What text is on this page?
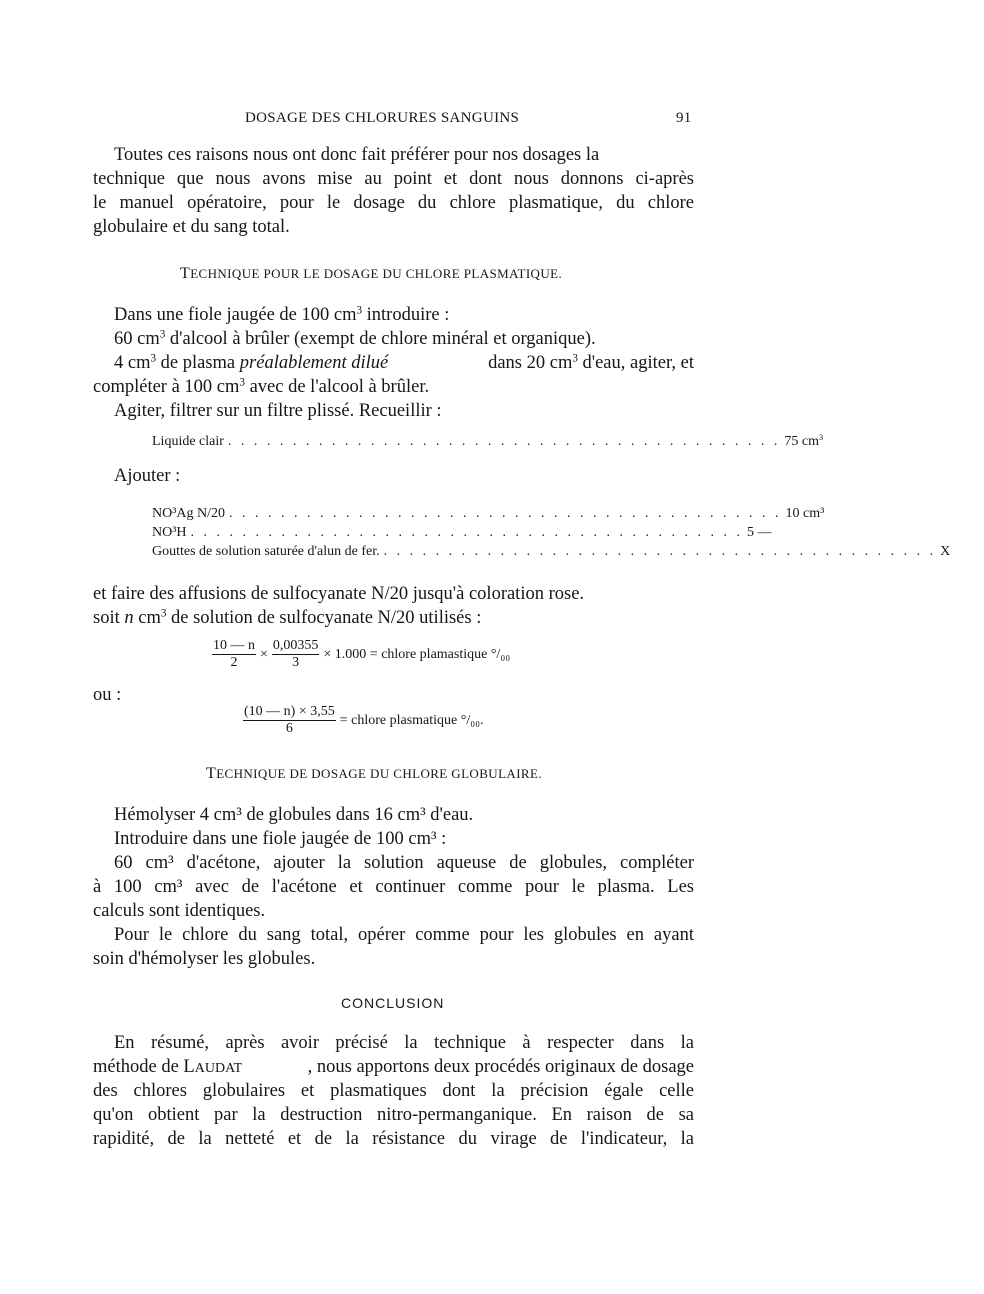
DOSAGE DES CHLORURES SANGUINS	91
Toutes ces raisons nous ont donc fait préférer pour nos dosages la
technique que nous avons mise au point et dont nous donnons ci-après
le manuel opératoire, pour le dosage du chlore plasmatique, du chlore
globulaire et du sang total.
TECHNIQUE POUR LE DOSAGE DU CHLORE PLASMATIQUE.
Dans une fiole jaugée de 100 $cm^3$ introduire :
60 $cm^3$ d'alcool à brûler (exempt de chlore minéral et organique).
4 $cm^3$ de plasma préalablement dilué	dans 20 $cm^3$ d'eau, agiter, et
compléter à 100 $cm^3$ avec de l'alcool à brûler.
Agiter, filtrer sur un filtre plissé. Recueillir :
Liquide clair . . . . . . . . . . . . . . . . . . . . . . . . . . . . . . . . . . . . . . . . . . . 75 $cm^3$
Ajouter :
NO³Ag N/20 . . . . . . . . . . . . . . . . . . . . . . . . . . . . . . . . . . . . . . . . . . . 10 cm³
NO³H . . . . . . . . . . . . . . . . . . . . . . . . . . . . . . . . . . . . . . . . . . . 5 —
Gouttes de solution saturée d'alun de fer. . . . . . . . . . . . . . . . . . . . . . . . . . . . . . . . . . . . . . . . . . . . X
et faire des affusions de sulfocyanate N/20 jusqu'à coloration rose.
soit n $cm^3$ de solution de sulfocyanate N/20 utilisés :
$\frac{10 — n}{2} \times \frac{0,00355}{3} \times 1.000$ = chlore plamastique °/₀₀
ou :
$\frac{(10 — n) \times 3,55}{6}$ = chlore plasmatique °/₀₀.
TECHNIQUE DE DOSAGE DU CHLORE GLOBULAIRE.
Hémolyser 4 cm³ de globules dans 16 cm³ d'eau.
Introduire dans une fiole jaugée de 100 cm³ :
60 cm³ d'acétone, ajouter la solution aqueuse de globules, compléter
à 100 cm³ avec de l'acétone et continuer comme pour le plasma. Les
calculs sont identiques.
Pour le chlore du sang total, opérer comme pour les globules en ayant
soin d'hémolyser les globules.
CONCLUSION
En résumé, après avoir précisé la technique à respecter dans la
méthode de LAUDAT	, nous apportons deux procédés originaux de dosage
des chlores globulaires et plasmatiques dont la précision égale celle
qu'on obtient par la destruction nitro-permanganique. En raison de sa
rapidité, de la netteté et de la résistance du virage de l'indicateur, la
